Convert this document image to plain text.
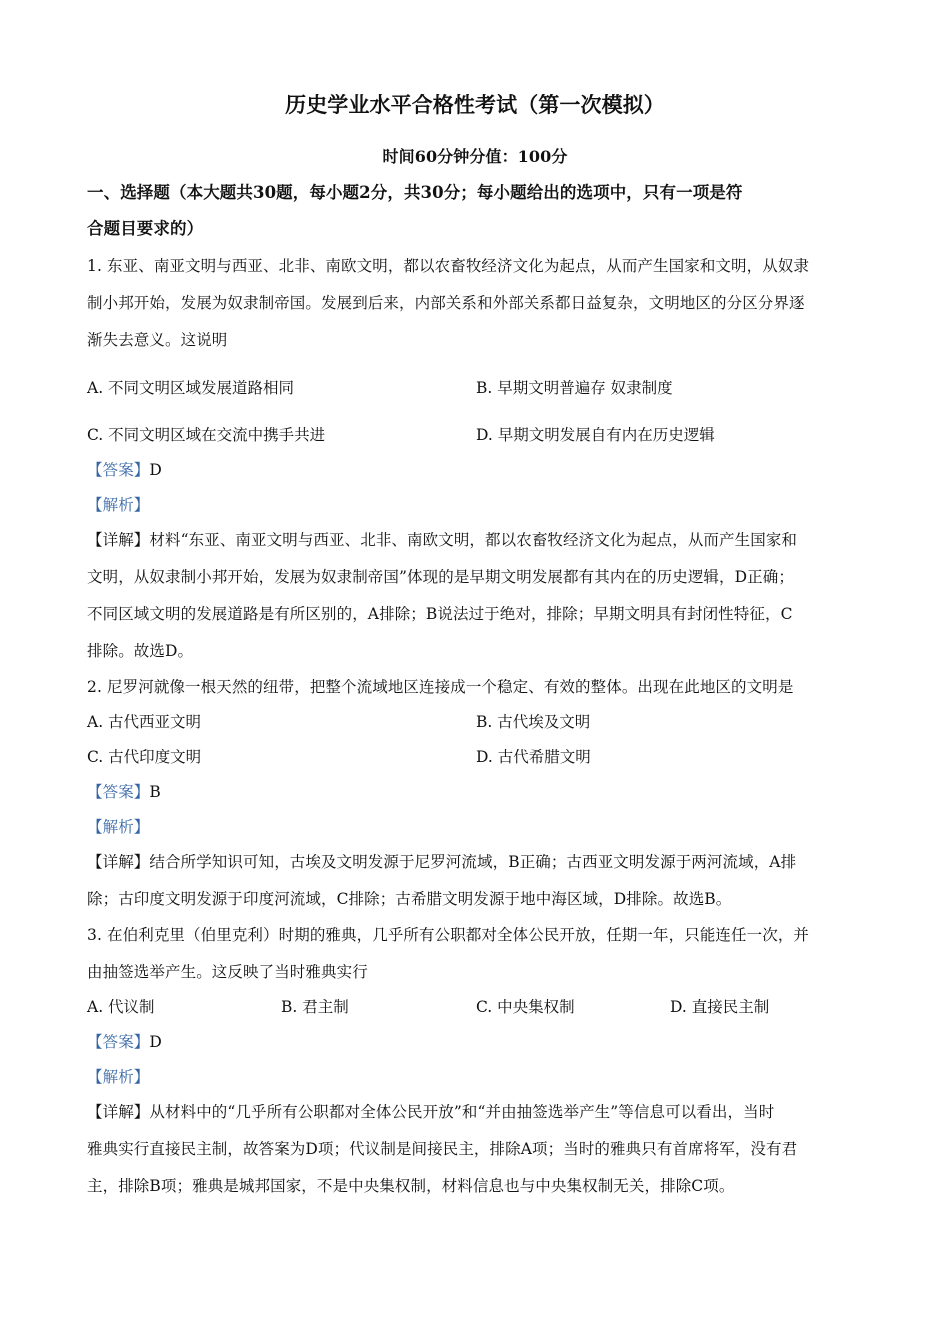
历史学业水平合格性考试（第一次模拟）
时间60分钟分值：100分
一、选择题（本大题共30题，每小题2分，共30分；每小题给出的选项中，只有一项是符
合题目要求的）
1. 东亚、南亚文明与西亚、北非、南欧文明，都以农畜牧经济文化为起点，从而产生国家和文明，从奴隶
制小邦开始，发展为奴隶制帝国。发展到后来，内部关系和外部关系都日益复杂，文明地区的分区分界逐
渐失去意义。这说明
A. 不同文明区域发展道路相同	B. 早期文明普遍存 奴隶制度
C. 不同文明区域在交流中携手共进	D. 早期文明发展自有内在历史逻辑
【答案】D
【解析】
【详解】材料“东亚、南亚文明与西亚、北非、南欧文明，都以农畜牧经济文化为起点，从而产生国家和
文明，从奴隶制小邦开始，发展为奴隶制帝国”体现的是早期文明发展都有其内在的历史逻辑，D正确；
不同区域文明的发展道路是有所区别的，A排除；B说法过于绝对，排除；早期文明具有封闭性特征，C
排除。故选D。
2. 尼罗河就像一根天然的纽带，把整个流域地区连接成一个稳定、有效的整体。出现在此地区的文明是
A. 古代西亚文明	B. 古代埃及文明
C. 古代印度文明	D. 古代希腊文明
【答案】B
【解析】
【详解】结合所学知识可知，古埃及文明发源于尼罗河流域，B正确；古西亚文明发源于两河流域，A排
除；古印度文明发源于印度河流域，C排除；古希腊文明发源于地中海区域，D排除。故选B。
3. 在伯利克里（伯里克利）时期的雅典，几乎所有公职都对全体公民开放，任期一年，只能连任一次，并
由抽签选举产生。这反映了当时雅典实行
A. 代议制	B. 君主制	C. 中央集权制	D. 直接民主制
【答案】D
【解析】
【详解】从材料中的“几乎所有公职都对全体公民开放”和“并由抽签选举产生”等信息可以看出，当时
雅典实行直接民主制，故答案为D项；代议制是间接民主，排除A项；当时的雅典只有首席将军，没有君
主，排除B项；雅典是城邦国家，不是中央集权制，材料信息也与中央集权制无关，排除C项。
